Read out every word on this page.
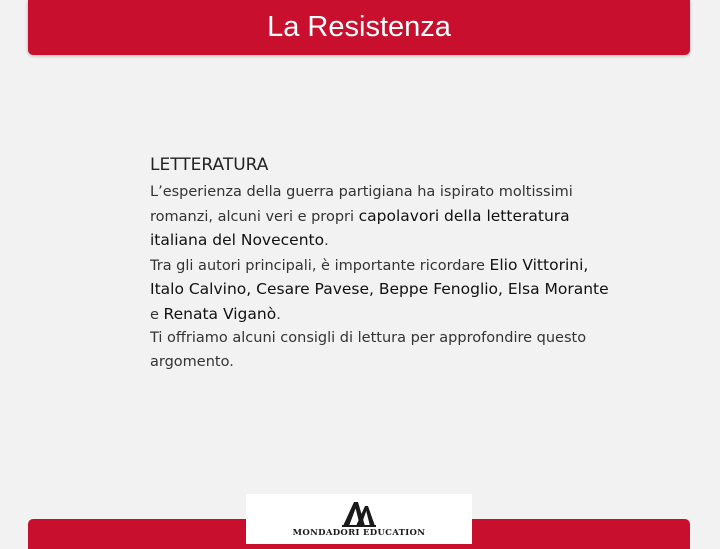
La Resistenza
LETTERATURA

L’esperienza della guerra partigiana ha ispirato moltissimi romanzi, alcuni veri e propri capolavori della letteratura italiana del Novecento.

Tra gli autori principali, è importante ricordare Elio Vittorini, Italo Calvino, Cesare Pavese, Beppe Fenoglio, Elsa Morante e Renata Viganò.

Ti offriamo alcuni consigli di lettura per approfondire questo argomento.

MONDADORI EDUCATION
